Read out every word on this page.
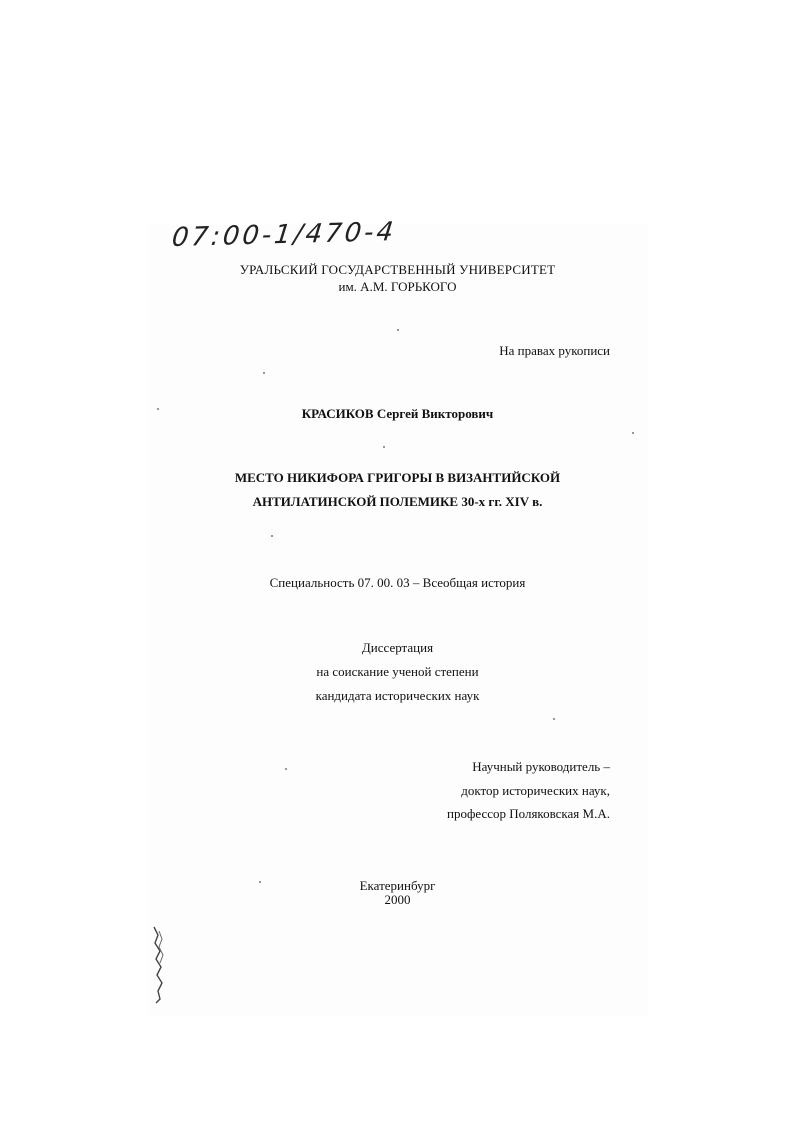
07:00-1/470-4
УРАЛЬСКИЙ ГОСУДАРСТВЕННЫЙ УНИВЕРСИТЕТ
им. А.М. ГОРЬКОГО
На правах рукописи
КРАСИКОВ Сергей Викторович
МЕСТО НИКИФОРА ГРИГОРЫ В ВИЗАНТИЙСКОЙ
АНТИЛАТИНСКОЙ ПОЛЕМИКЕ 30-х гг. XIV в.
Специальность 07. 00. 03 – Всеобщая история
Диссертация
на соискание ученой степени
кандидата исторических наук
Научный руководитель –
доктор исторических наук,
профессор Поляковская М.А.
Екатеринбург
2000
